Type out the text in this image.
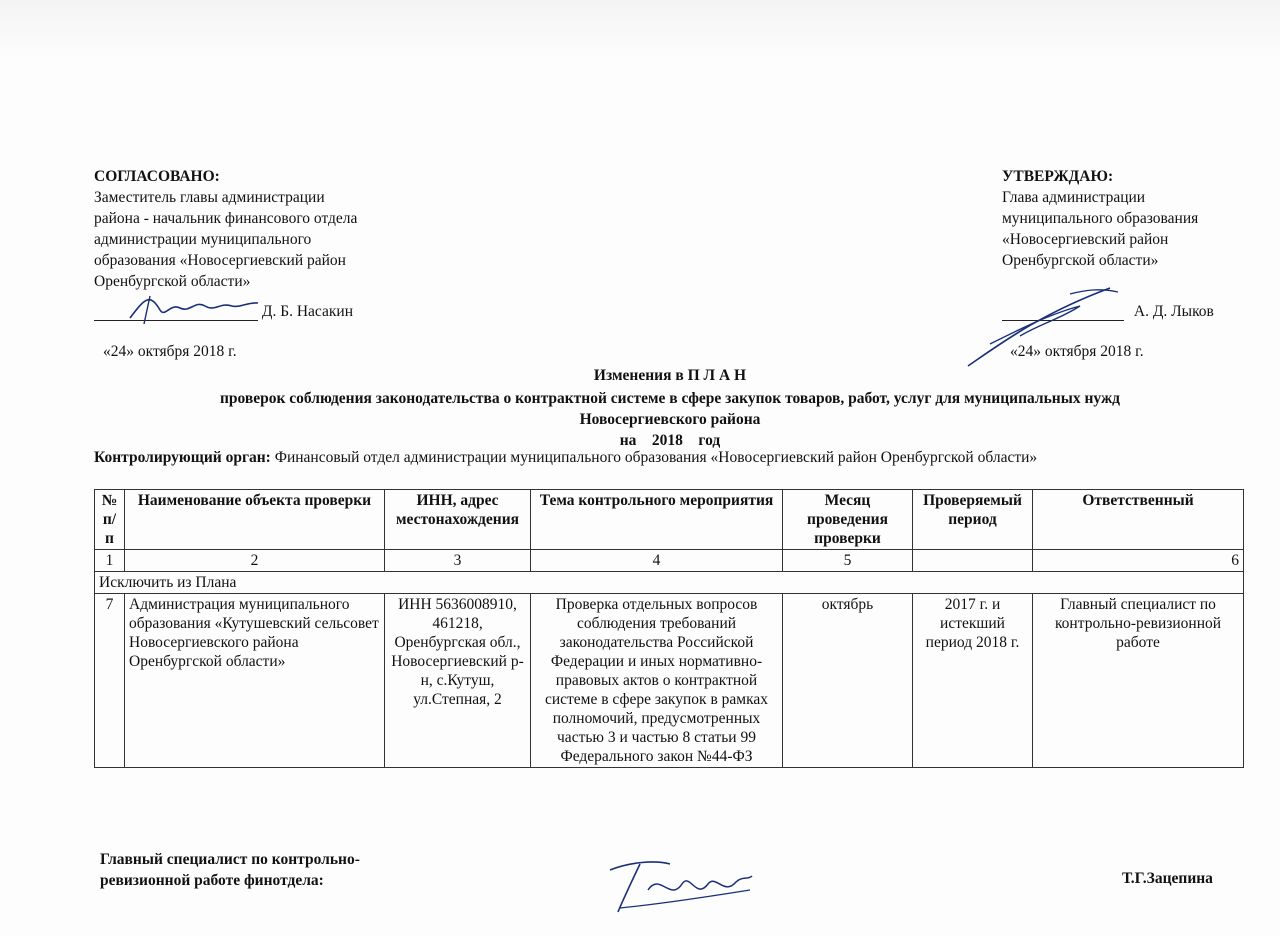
СОГЛАСОВАНО:
Заместитель главы администрации
района - начальник финансового отдела
администрации муниципального
образования «Новосергиевский район
Оренбургской области»
Д. Б. Насакин
«24» октября 2018 г.
УТВЕРЖДАЮ:
Глава администрации
муниципального образования
«Новосергиевский район
Оренбургской области»
А. Д. Лыков
«24» октября 2018 г.
Изменения в П Л А Н
проверок соблюдения законодательства о контрактной системе в сфере закупок товаров, работ, услуг для муниципальных нужд
Новосергиевского района
на    2018    год
Контролирующий орган: Финансовый отдел администрации муниципального образования «Новосергиевский район Оренбургской области»
№ п/п	Наименование объекта проверки	ИНН, адрес местонахождения	Тема контрольного мероприятия	Месяц проведения проверки	Проверяемый период	Ответственный
1	2	3	4	5		6
Исключить из Плана						
7	Администрация муниципального образования «Кутушевский сельсовет Новосергиевского района Оренбургской области»	ИНН 5636008910, 461218, Оренбургская обл., Новосергиевский р-н, с.Кутуш, ул.Степная, 2	Проверка отдельных вопросов соблюдения требований законодательства Российской Федерации и иных нормативно-правовых актов о контрактной системе в сфере закупок в рамках полномочий, предусмотренных частью 3 и частью 8 статьи 99 Федерального закон №44-ФЗ	октябрь	2017 г. и истекший период 2018 г.	Главный специалист по контрольно-ревизионной работе
Главный специалист по контрольно-
ревизионной работе финотдела:	Т.Г.Зацепина
